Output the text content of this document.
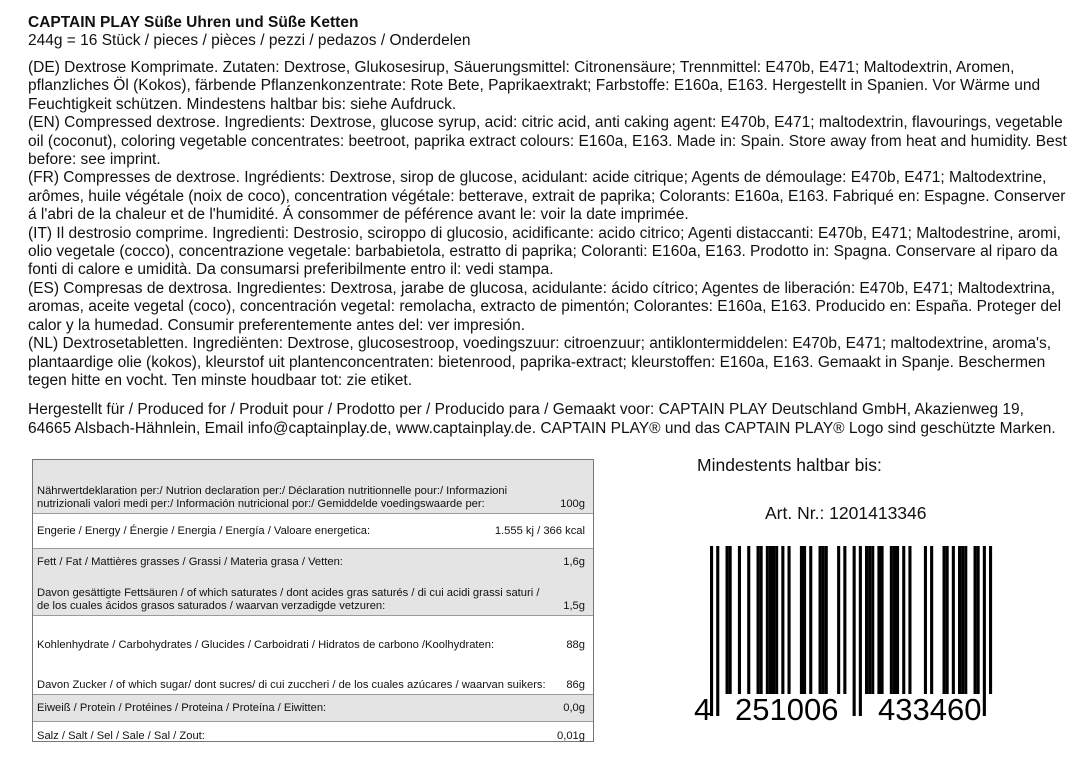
CAPTAIN PLAY Süße Uhren und Süße Ketten
244g = 16 Stück / pieces / pièces / pezzi / pedazos / Onderdelen

(DE) Dextrose Komprimate. Zutaten: Dextrose, Glukosesirup, Säuerungsmittel: Citronensäure; Trennmittel: E470b, E471; Maltodextrin, Aromen, pflanzliches Öl (Kokos), färbende Pflanzenkonzentrate: Rote Bete, Paprikaextrakt; Farbstoffe: E160a, E163. Hergestellt in Spanien. Vor Wärme und Feuchtigkeit schützen. Mindestens haltbar bis: siehe Aufdruck.

(EN) Compressed dextrose. Ingredients: Dextrose, glucose syrup, acid: citric acid, anti caking agent: E470b, E471; maltodextrin, flavourings, vegetable oil (coconut), coloring vegetable concentrates: beetroot, paprika extract colours: E160a, E163. Made in: Spain. Store away from heat and humidity. Best before: see imprint.

(FR) Compresses de dextrose. Ingrédients: Dextrose, sirop de glucose, acidulant: acide citrique; Agents de démoulage: E470b, E471; Maltodextrine, arômes, huile végétale (noix de coco), concentration végétale: betterave, extrait de paprika; Colorants: E160a, E163. Fabriqué en: Espagne. Conserver á l'abri de la chaleur et de l'humidité. Á consommer de péférence avant le: voir la date imprimée.

(IT) Il destrosio comprime. Ingredienti: Destrosio, sciroppo di glucosio, acidificante: acido citrico; Agenti distaccanti: E470b, E471; Maltodestrine, aromi, olio vegetale (cocco), concentrazione vegetale: barbabietola, estratto di paprika; Coloranti: E160a, E163. Prodotto in: Spagna. Conservare al riparo da fonti di calore e umidità. Da consumarsi preferibilmente entro il: vedi stampa.

(ES) Compresas de dextrosa. Ingredientes: Dextrosa, jarabe de glucosa, acidulante: ácido cítrico; Agentes de liberación: E470b, E471; Maltodextrina, aromas, aceite vegetal (coco), concentración vegetal: remolacha, extracto de pimentón; Colorantes: E160a, E163. Producido en: España. Proteger del calor y la humedad. Consumir preferentemente antes del: ver impresión.

(NL) Dextrosetabletten. Ingrediënten: Dextrose, glucosestroop, voedingszuur: citroenzuur; antiklontermiddelen: E470b, E471; maltodextrine, aroma's, plantaardige olie (kokos), kleurstof uit plantenconcentraten: bietenrood, paprika-extract; kleurstoffen: E160a, E163. Gemaakt in Spanje. Beschermen tegen hitte en vocht. Ten minste houdbaar tot: zie etiket.

Hergestellt für / Produced for / Produit pour / Prodotto per / Producido para / Gemaakt voor: CAPTAIN PLAY Deutschland GmbH, Akazienweg 19, 64665 Alsbach-Hähnlein, Email info@captainplay.de, www.captainplay.de. CAPTAIN PLAY® und das CAPTAIN PLAY® Logo sind geschützte Marken.
Nährwertdeklaration per:/ Nutrion declaration per:/ Déclaration nutritionnelle pour:/ Informazioni nutrizionali valori medi per:/ Información nutricional por:/ Gemiddelde voedingswaarde per:	100g
Engerie / Energy / Énergie / Energia / Energía / Valoare energetica:	1.555 kj / 366 kcal
Fett / Fat / Mattières grasses / Grassi / Materia grasa / Vetten:	1,6g
Davon gesättigte Fettsäuren / of which saturates / dont acides gras saturés / di cui acidi grassi saturi / de los cuales ácidos grasos saturados / waarvan verzadigde vetzuren:	1,5g
Kohlenhydrate / Carbohydrates / Glucides / Carboidrati / Hidratos de carbono /Koolhydraten:	88g
Davon Zucker / of which sugar/ dont sucres/ di cui zuccheri / de los cuales azúcares / waarvan suikers:	86g
Eiweiß / Protein / Protéines / Proteina / Proteína / Eiwitten:	0,0g
Salz / Salt / Sel / Sale / Sal / Zout:	0,01g
Mindestents haltbar bis:
Art. Nr.: 1201413346
4 251006 433460
